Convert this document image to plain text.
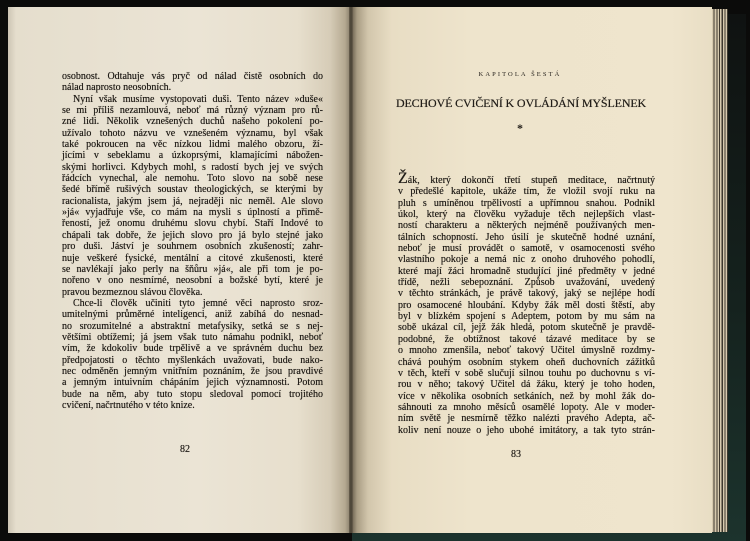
osobnost. Odtahuje vás pryč od nálad čistě osobních do
nálad naprosto neosobních.
Nyní však musíme vystopovati duši. Tento název »duše«
se mi příliš nezamlouvá, neboť má různý význam pro rů-
zné lidi. Několik vznešených duchů našeho pokolení po-
užívalo tohoto názvu ve vznešeném významu, byl však
také pokroucen na věc nízkou lidmi malého obzoru, ží-
jícími v sebeklamu a úzkoprsými, klamajícími nábožen-
skými horlivci. Kdybych mohl, s radostí bych jej ve svých
řádcích vynechal, ale nemohu. Toto slovo na sobě nese
šedé břímě rušivých soustav theologických, se kterými by
racionalista, jakým jsem já, nejraději nic neměl. Ale slovo
»já« vyjadřuje vše, co mám na mysli s úplností a přimě-
řeností, jež onomu druhému slovu chybí. Staří Indové to
chápali tak dobře, že jejich slovo pro já bylo stejné jako
pro duši. Jáství je souhrnem osobních zkušeností; zahr-
nuje veškeré fysické, mentální a citové zkušenosti, které
se navlékají jako perly na šňůru »já«, ale při tom je po-
nořeno v ono nesmírné, neosobní a božské bytí, které je
pravou bezmeznou slávou člověka.
Chce-li člověk učiniti tyto jemné věci naprosto sroz-
umitelnými průměrné inteligenci, aniž zabíhá do nesnad-
no srozumitelné a abstraktní metafysiky, setká se s nej-
většími obtížemi; já jsem však tuto námahu podnikl, neboť
vím, že kdokoliv bude trpělivě a ve správném duchu bez
předpojatosti o těchto myšlenkách uvažovati, bude nako-
nec odměněn jemným vnitřním poznáním, že jsou pravdivé
a jemným intuivním chápáním jejich významnosti. Potom
bude na něm, aby tuto stopu sledoval pomocí trojitého
cvičení, načrtnutého v této knize.
82
KAPITOLA ŠESTÁ
DECHOVÉ CVIČENÍ K OVLÁDÁNÍ MYŠLENEK
*
Žák, který dokončí třetí stupeň meditace, načrtnutý
v předešlé kapitole, ukáže tím, že vložil svojí ruku na
pluh s umíněnou trpělivostí a upřímnou snahou. Podnikl
úkol, který na člověku vyžaduje těch nejlepších vlast-
ností charakteru a některých nejméně používaných men-
tálních schopností. Jeho úsilí je skutečně hodné uznání,
neboť je musí provádět o samotě, v osamocenosti svého
vlastního pokoje a nemá nic z onoho druhového pohodlí,
které mají žáci hromadně studující jiné předměty v jedné
třídě, nežli sebepoznání. Způsob uvažování, uvedený
v těchto stránkách, je právě takový, jaký se nejlépe hodí
pro osamocené hloubání. Kdyby žák měl dosti štěstí, aby
byl v blízkém spojení s Adeptem, potom by mu sám na
sobě ukázal cíl, jejž žák hledá, potom skutečně je pravdě-
podobné, že obtížnost takové tázavé meditace by se
o mnoho zmenšila, neboť takový Učitel úmyslně rozdmy-
chává pouhým osobním stykem oheň duchovních zážitků
v těch, kteří v sobě slučují silnou touhu po duchovnu s ví-
rou v něho; takový Učitel dá žáku, který je toho hoden,
více v několika osobních setkáních, než by mohl žák do-
sáhnouti za mnoho měsíců osamělé lopoty. Ale v moder-
ním světě je nesmírně těžko nalézti pravého Adepta, ač-
koliv není nouze o jeho ubohé imitátory, a tak tyto strán-
83
